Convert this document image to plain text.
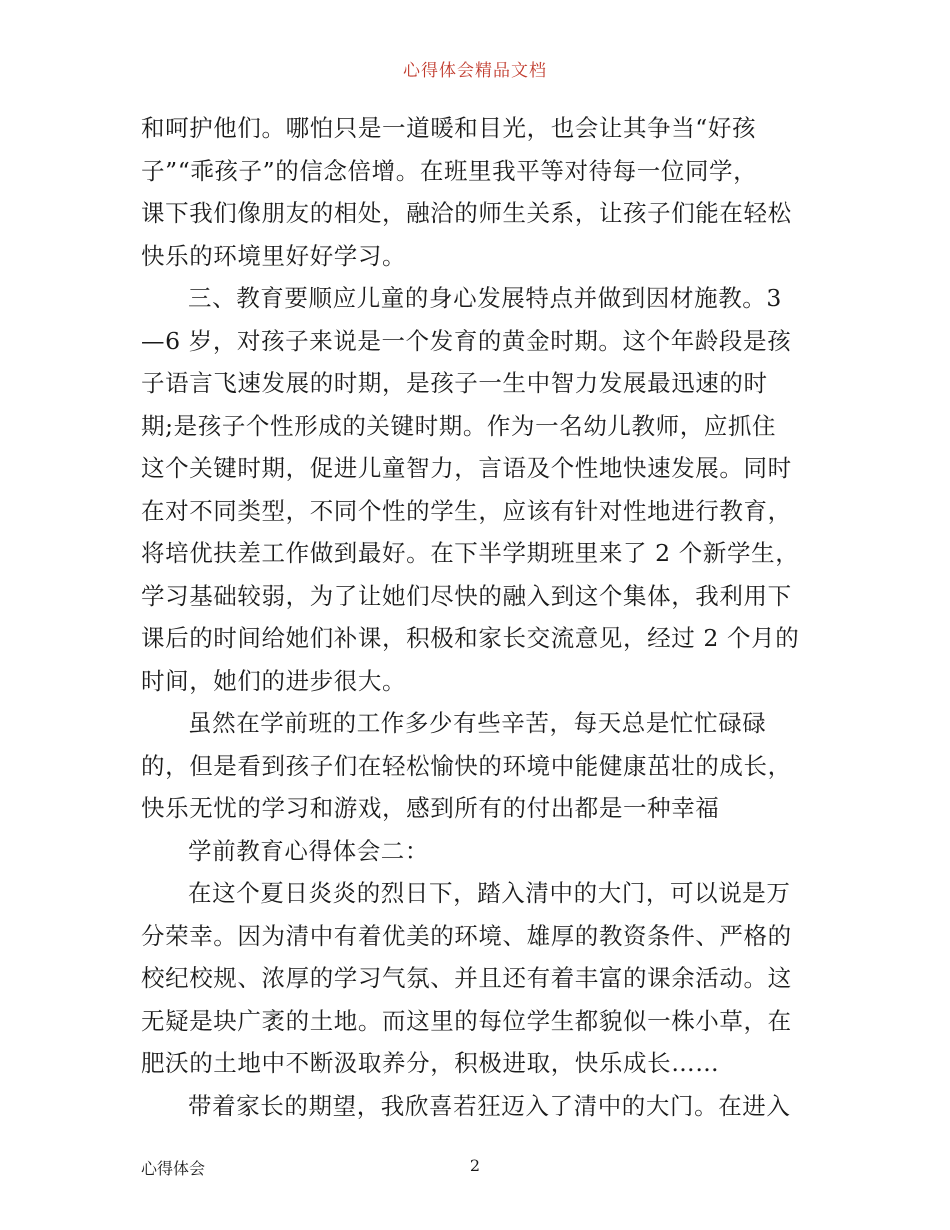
心得体会精品文档
和呵护他们。哪怕只是一道暖和目光，也会让其争当“好孩
子”“乖孩子”的信念倍增。在班里我平等对待每一位同学，
课下我们像朋友的相处，融洽的师生关系，让孩子们能在轻松
快乐的环境里好好学习。
三、教育要顺应儿童的身心发展特点并做到因材施教。3
—6 岁，对孩子来说是一个发育的黄金时期。这个年龄段是孩
子语言飞速发展的时期，是孩子一生中智力发展最迅速的时
期;是孩子个性形成的关键时期。作为一名幼儿教师，应抓住
这个关键时期，促进儿童智力，言语及个性地快速发展。同时
在对不同类型，不同个性的学生，应该有针对性地进行教育，
将培优扶差工作做到最好。在下半学期班里来了 2 个新学生，
学习基础较弱，为了让她们尽快的融入到这个集体，我利用下
课后的时间给她们补课，积极和家长交流意见，经过 2 个月的
时间，她们的进步很大。
虽然在学前班的工作多少有些辛苦，每天总是忙忙碌碌
的，但是看到孩子们在轻松愉快的环境中能健康茁壮的成长，
快乐无忧的学习和游戏，感到所有的付出都是一种幸福
学前教育心得体会二：
在这个夏日炎炎的烈日下，踏入清中的大门，可以说是万
分荣幸。因为清中有着优美的环境、雄厚的教资条件、严格的
校纪校规、浓厚的学习气氛、并且还有着丰富的课余活动。这
无疑是块广袤的土地。而这里的每位学生都貌似一株小草，在
肥沃的土地中不断汲取养分，积极进取，快乐成长……
带着家长的期望，我欣喜若狂迈入了清中的大门。在进入
心得体会	2
